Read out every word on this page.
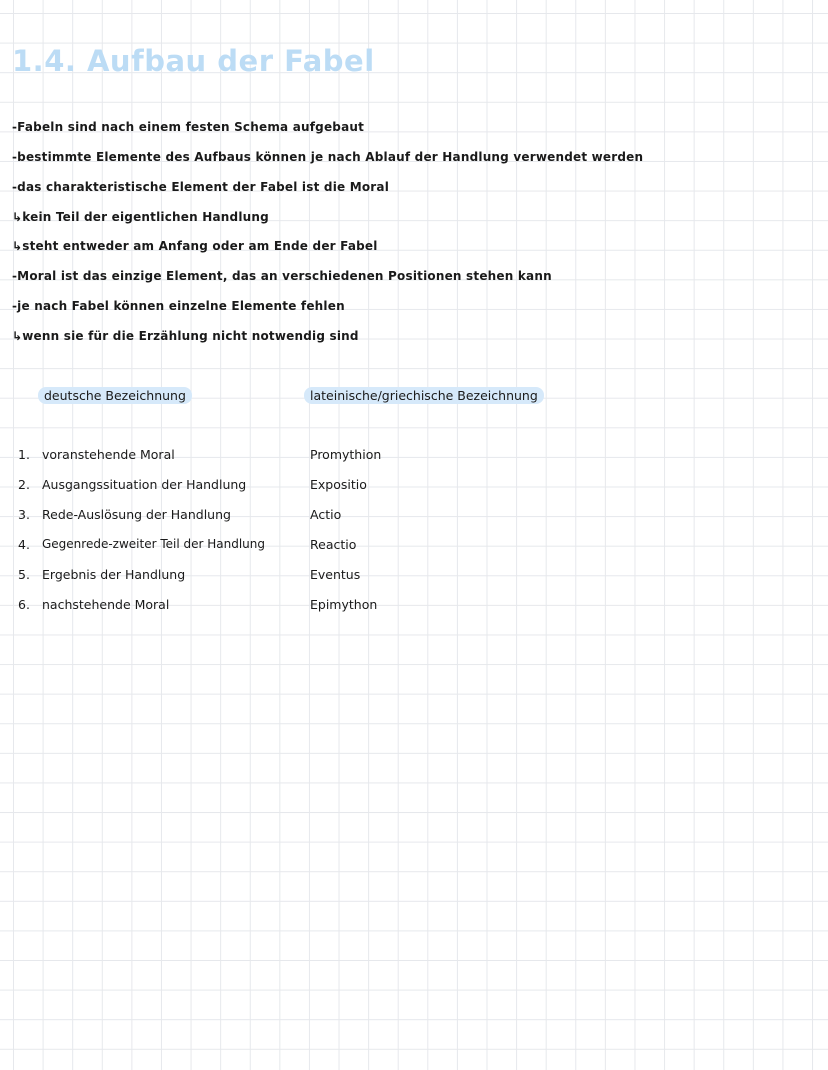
1.4. Aufbau der Fabel
-Fabeln sind nach einem festen Schema aufgebaut
-bestimmte Elemente des Aufbaus können je nach Ablauf der Handlung verwendet werden
-das charakteristische Element der Fabel ist die Moral
↳kein Teil der eigentlichen Handlung
↳steht entweder am Anfang oder am Ende der Fabel
-Moral ist das einzige Element, das an verschiedenen Positionen stehen kann
-je nach Fabel können einzelne Elemente fehlen
↳wenn sie für die Erzählung nicht notwendig sind
deutsche Bezeichnung	lateinische/griechische Bezeichnung
1. voranstehende Moral	Promythion
2. Ausgangssituation der Handlung	Expositio
3. Rede-Auslösung der Handlung	Actio
4. Gegenrede-zweiter Teil der Handlung	Reactio
5. Ergebnis der Handlung	Eventus
6. nachstehende Moral	Epimython
